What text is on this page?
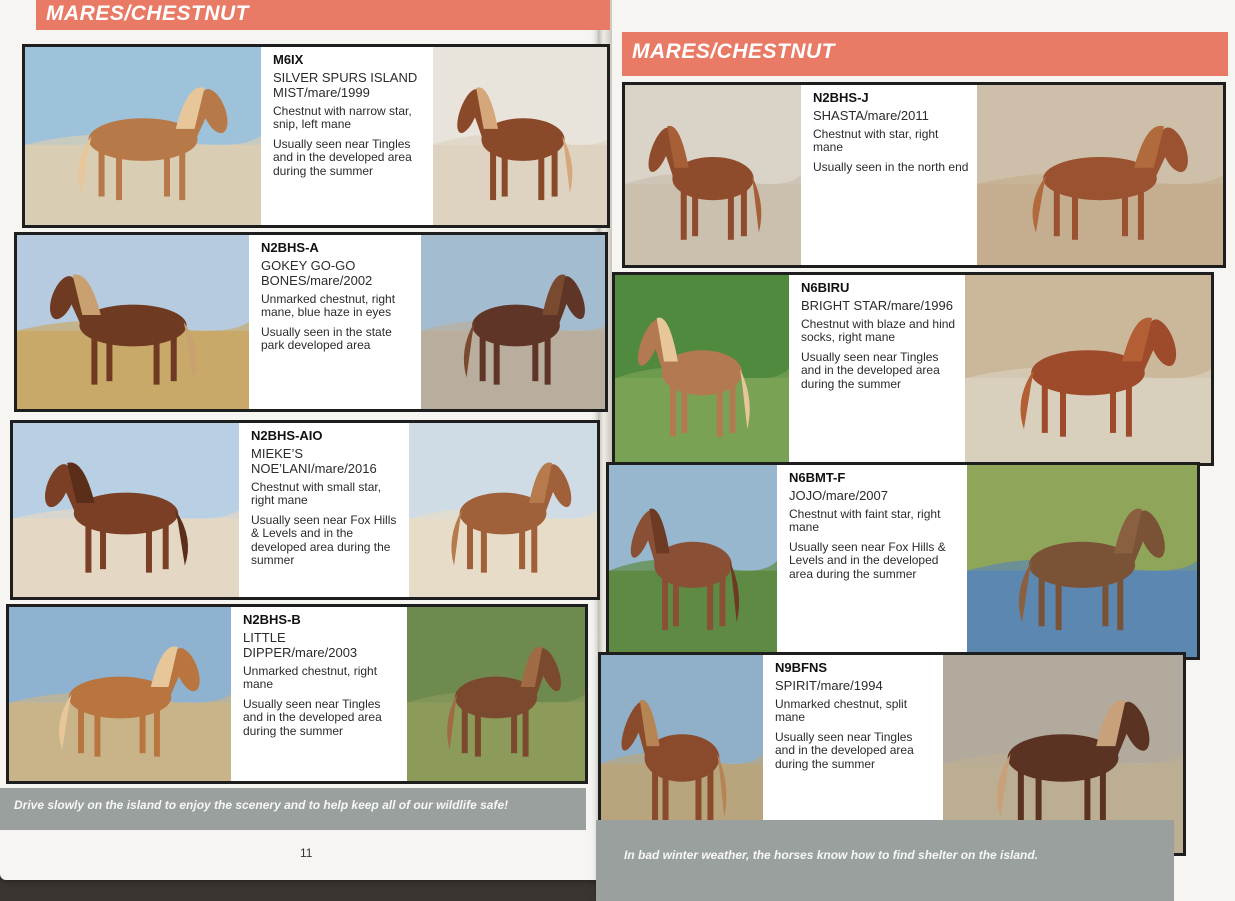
MARES/CHESTNUT
MARES/CHESTNUT
M6IX
SILVER SPURS ISLAND MIST/mare/1999
Chestnut with narrow star, snip, left mane
Usually seen near Tingles and in the developed area during the summer
N2BHS-A
GOKEY GO-GO BONES/mare/2002
Unmarked chestnut, right mane, blue haze in eyes
Usually seen in the state park developed area
N2BHS-AIO
MIEKE’S NOE’LANI/mare/2016
Chestnut with small star, right mane
Usually seen near Fox Hills & Levels and in the developed area during the summer
N2BHS-B
LITTLE DIPPER/mare/2003
Unmarked chestnut, right mane
Usually seen near Tingles and in the developed area during the summer
Drive slowly on the island to enjoy the scenery and to help keep all of our wildlife safe!
11
N2BHS-J
SHASTA/mare/2011
Chestnut with star, right mane
Usually seen in the north end
N6BIRU
BRIGHT STAR/mare/1996
Chestnut with blaze and hind socks, right mane
Usually seen near Tingles and in the developed area during the summer
N6BMT-F
JOJO/mare/2007
Chestnut with faint star, right mane
Usually seen near Fox Hills & Levels and in the developed area during the summer
N9BFNS
SPIRIT/mare/1994
Unmarked chestnut, split mane
Usually seen near Tingles and in the developed area during the summer
In bad winter weather, the horses know how to find shelter on the island.
